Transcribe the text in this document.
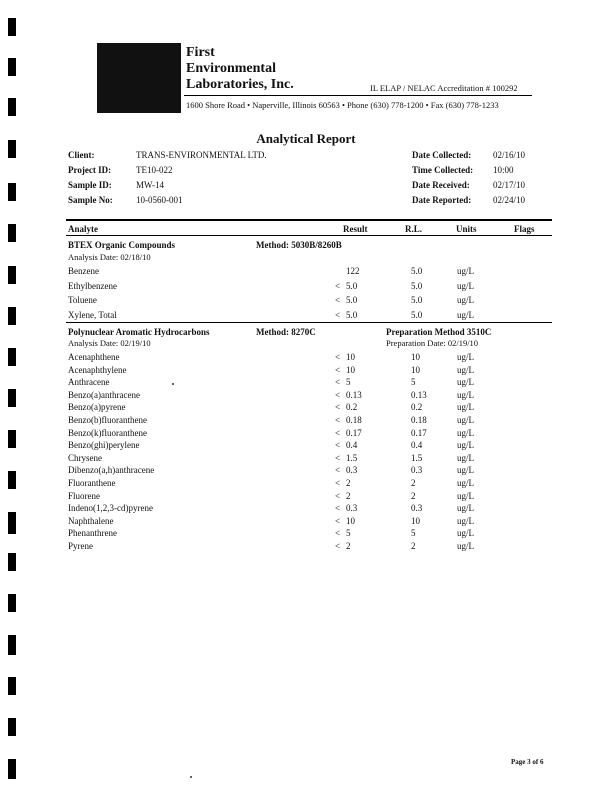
First
Environmental
Laboratories, Inc.	IL ELAP / NELAC Accreditation # 100292
1600 Shore Road • Naperville, Illinois 60563 • Phone (630) 778-1200 • Fax (630) 778-1233
Analytical Report
Client:	TRANS-ENVIRONMENTAL LTD.
Project ID:	TE10-022
Sample ID:	MW-14
Sample No:	10-0560-001
Date Collected: 02/16/10
Time Collected: 10:00
Date Received:	02/17/10
Date Reported: 02/24/10
Analyte	Result	R.L.	Units	Flags
BTEX Organic Compounds	Method: 5030B/8260B
Analysis Date: 02/18/10
Benzene	122	5.0	ug/L
Ethylbenzene	< 5.0	5.0	ug/L
Toluene	< 5.0	5.0	ug/L
Xylene, Total	< 5.0	5.0	ug/L
Polynuclear Aromatic Hydrocarbons	Method: 8270C	Preparation Method 3510C
Analysis Date: 02/19/10	Preparation Date: 02/19/10
Acenaphthene	< 10	10	ug/L
Acenaphthylene	< 10	10	ug/L
Anthracene	< 5	5	ug/L
Benzo(a)anthracene	< 0.13	0.13	ug/L
Benzo(a)pyrene	< 0.2	0.2	ug/L
Benzo(b)fluoranthene	< 0.18	0.18	ug/L
Benzo(k)fluoranthene	< 0.17	0.17	ug/L
Benzo(ghi)perylene	< 0.4	0.4	ug/L
Chrysene	< 1.5	1.5	ug/L
Dibenzo(a,h)anthracene	< 0.3	0.3	ug/L
Fluoranthene	< 2	2	ug/L
Fluorene	< 2	2	ug/L
Indeno(1,2,3-cd)pyrene	< 0.3	0.3	ug/L
Naphthalene	< 10	10	ug/L
Phenanthrene	< 5	5	ug/L
Pyrene	< 2	2	ug/L
Page 3 of 6
